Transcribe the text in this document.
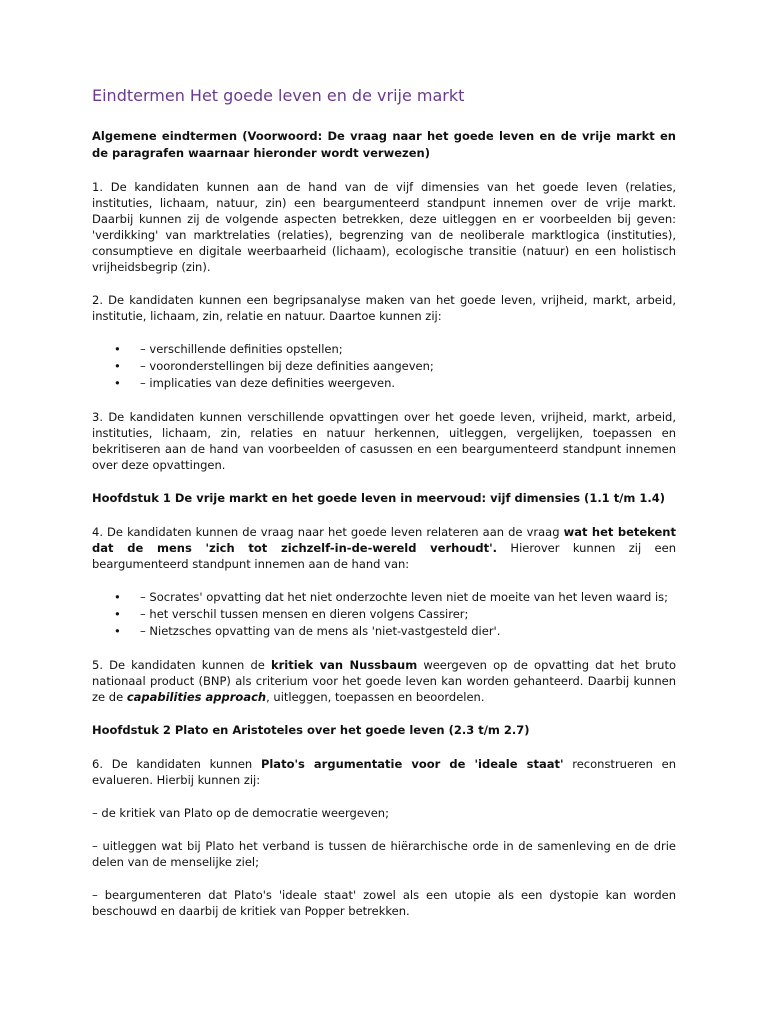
Eindtermen Het goede leven en de vrije markt
Algemene eindtermen (Voorwoord: De vraag naar het goede leven en de vrije markt en de paragrafen waarnaar hieronder wordt verwezen)

1. De kandidaten kunnen aan de hand van de vijf dimensies van het goede leven (relaties, instituties, lichaam, natuur, zin) een beargumenteerd standpunt innemen over de vrije markt. Daarbij kunnen zij de volgende aspecten betrekken, deze uitleggen en er voorbeelden bij geven: 'verdikking' van marktrelaties (relaties), begrenzing van de neoliberale marktlogica (instituties), consumptieve en digitale weerbaarheid (lichaam), ecologische transitie (natuur) en een holistisch vrijheidsbegrip (zin).

2. De kandidaten kunnen een begripsanalyse maken van het goede leven, vrijheid, markt, arbeid, institutie, lichaam, zin, relatie en natuur. Daartoe kunnen zij:

• – verschillende definities opstellen;
• – vooronderstellingen bij deze definities aangeven;
• – implicaties van deze definities weergeven.

3. De kandidaten kunnen verschillende opvattingen over het goede leven, vrijheid, markt, arbeid, instituties, lichaam, zin, relaties en natuur herkennen, uitleggen, vergelijken, toepassen en bekritiseren aan de hand van voorbeelden of casussen en een beargumenteerd standpunt innemen over deze opvattingen.

Hoofdstuk 1 De vrije markt en het goede leven in meervoud: vijf dimensies (1.1 t/m 1.4)

4. De kandidaten kunnen de vraag naar het goede leven relateren aan de vraag wat het betekent dat de mens 'zich tot zichzelf-in-de-wereld verhoudt'. Hierover kunnen zij een beargumenteerd standpunt innemen aan de hand van:

• – Socrates' opvatting dat het niet onderzochte leven niet de moeite van het leven waard is;
• – het verschil tussen mensen en dieren volgens Cassirer;
• – Nietzsches opvatting van de mens als 'niet-vastgesteld dier'.

5. De kandidaten kunnen de kritiek van Nussbaum weergeven op de opvatting dat het bruto nationaal product (BNP) als criterium voor het goede leven kan worden gehanteerd. Daarbij kunnen ze de capabilities approach, uitleggen, toepassen en beoordelen.

Hoofdstuk 2 Plato en Aristoteles over het goede leven (2.3 t/m 2.7)

6. De kandidaten kunnen Plato's argumentatie voor de 'ideale staat' reconstrueren en evalueren. Hierbij kunnen zij:

– de kritiek van Plato op de democratie weergeven;

– uitleggen wat bij Plato het verband is tussen de hiërarchische orde in de samenleving en de drie delen van de menselijke ziel;

– beargumenteren dat Plato's 'ideale staat' zowel als een utopie als een dystopie kan worden beschouwd en daarbij de kritiek van Popper betrekken.
